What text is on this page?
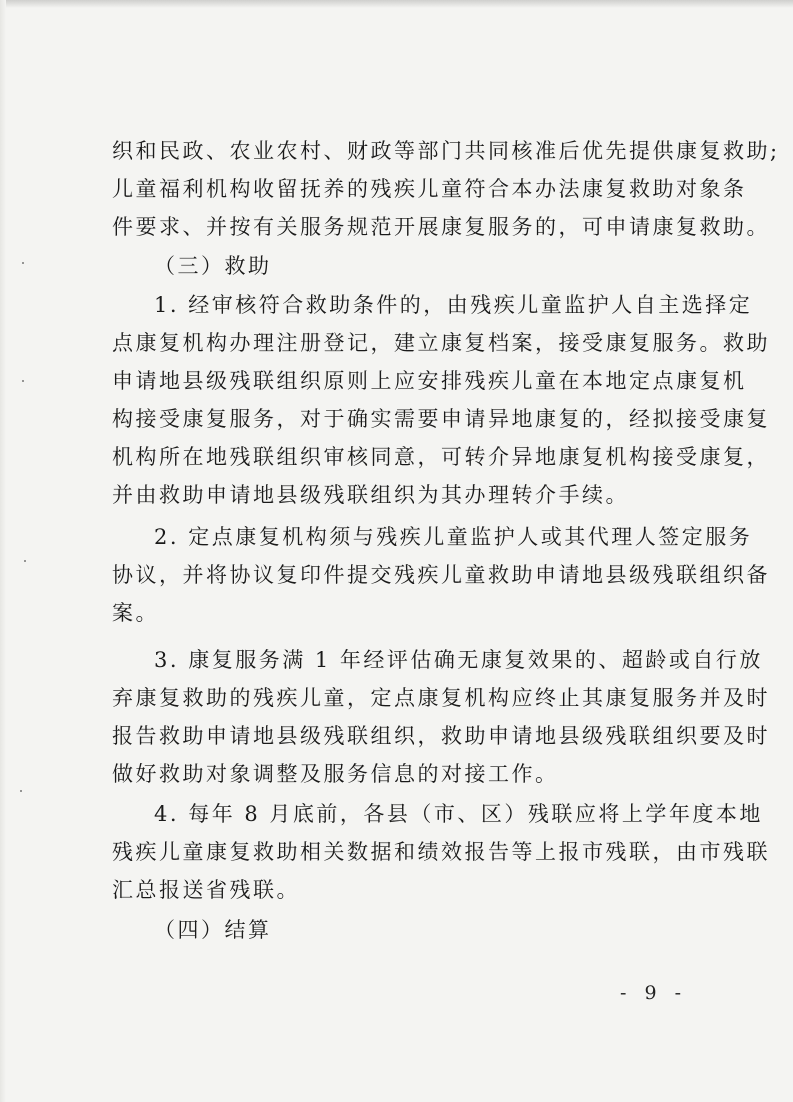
织和民政、农业农村、财政等部门共同核准后优先提供康复救助;
儿童福利机构收留抚养的残疾儿童符合本办法康复救助对象条
件要求、并按有关服务规范开展康复服务的，可申请康复救助。
（三）救助
1. 经审核符合救助条件的，由残疾儿童监护人自主选择定
点康复机构办理注册登记，建立康复档案，接受康复服务。救助
申请地县级残联组织原则上应安排残疾儿童在本地定点康复机
构接受康复服务，对于确实需要申请异地康复的，经拟接受康复
机构所在地残联组织审核同意，可转介异地康复机构接受康复，
并由救助申请地县级残联组织为其办理转介手续。
2. 定点康复机构须与残疾儿童监护人或其代理人签定服务
协议，并将协议复印件提交残疾儿童救助申请地县级残联组织备
案。
3. 康复服务满 1 年经评估确无康复效果的、超龄或自行放
弃康复救助的残疾儿童，定点康复机构应终止其康复服务并及时
报告救助申请地县级残联组织，救助申请地县级残联组织要及时
做好救助对象调整及服务信息的对接工作。
4. 每年 8 月底前，各县（市、区）残联应将上学年度本地
残疾儿童康复救助相关数据和绩效报告等上报市残联，由市残联
汇总报送省残联。
（四）结算
- 9 -
